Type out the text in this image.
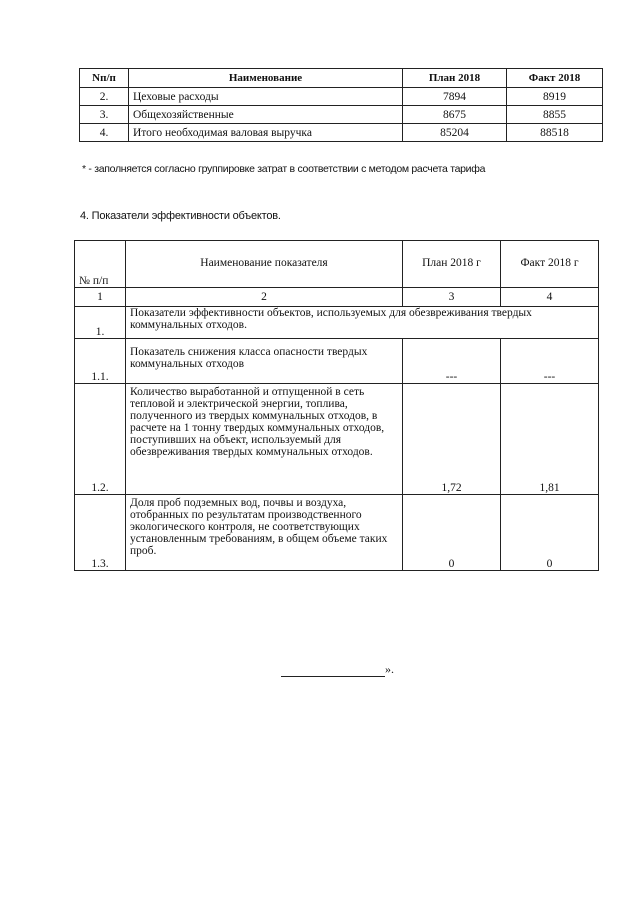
Nп/п	Наименование	План 2018	Факт 2018
2.	Цеховые расходы	7894	8919
3.	Общехозяйственные	8675	8855
4.	Итого необходимая валовая выручка	85204	88518
* - заполняется согласно группировке затрат в соответствии с методом расчета тарифа
4. Показатели эффективности объектов.
№ п/п	Наименование показателя	План 2018 г	Факт 2018 г
1	2	3	4
1.	Показатели эффективности объектов, используемых для обезвреживания твердых коммунальных отходов.		
1.1.	Показатель снижения класса опасности твердых коммунальных отходов	---	---
1.2.	Количество выработанной и отпущенной в сеть тепловой и электрической энергии, топлива, полученного из твердых коммунальных отходов, в расчете на 1 тонну твердых коммунальных отходов, поступивших на объект, используемый для обезвреживания твердых коммунальных отходов.	1,72	1,81
1.3.	Доля проб подземных вод, почвы и воздуха, отобранных по результатам производственного экологического контроля, не соответствующих установленным требованиям, в общем объеме таких проб.	0	0
».
